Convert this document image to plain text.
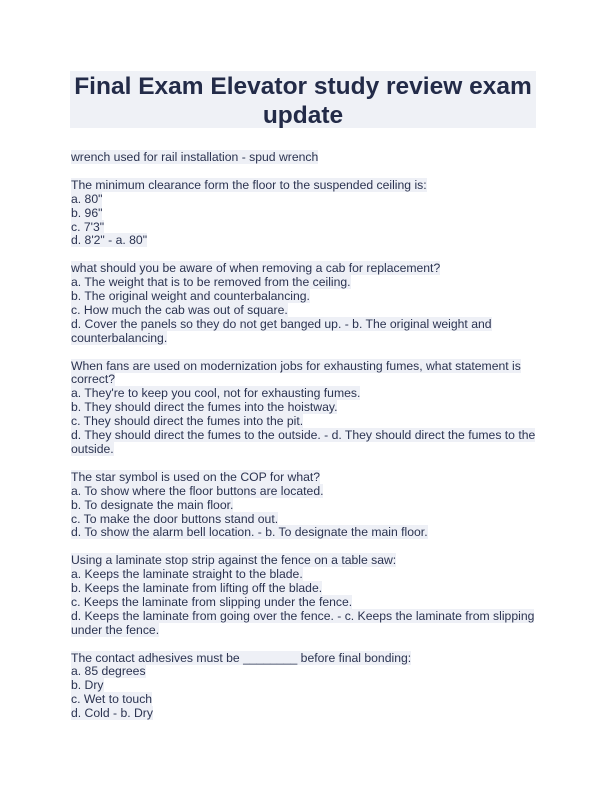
Final Exam Elevator study review exam update
wrench used for rail installation - spud wrench
The minimum clearance form the floor to the suspended ceiling is:
a. 80"
b. 96"
c. 7'3"
d. 8'2" - a. 80"
what should you be aware of when removing a cab for replacement?
a. The weight that is to be removed from the ceiling.
b. The original weight and counterbalancing.
c. How much the cab was out of square.
d. Cover the panels so they do not get banged up. - b. The original weight and counterbalancing.
When fans are used on modernization jobs for exhausting fumes, what statement is correct?
a. They're to keep you cool, not for exhausting fumes.
b. They should direct the fumes into the hoistway.
c. They should direct the fumes into the pit.
d. They should direct the fumes to the outside. - d. They should direct the fumes to the outside.
The star symbol is used on the COP for what?
a. To show where the floor buttons are located.
b. To designate the main floor.
c. To make the door buttons stand out.
d. To show the alarm bell location. - b. To designate the main floor.
Using a laminate stop strip against the fence on a table saw:
a. Keeps the laminate straight to the blade.
b. Keeps the laminate from lifting off the blade.
c. Keeps the laminate from slipping under the fence.
d. Keeps the laminate from going over the fence. - c. Keeps the laminate from slipping under the fence.
The contact adhesives must be ________ before final bonding:
a. 85 degrees
b. Dry
c. Wet to touch
d. Cold - b. Dry
